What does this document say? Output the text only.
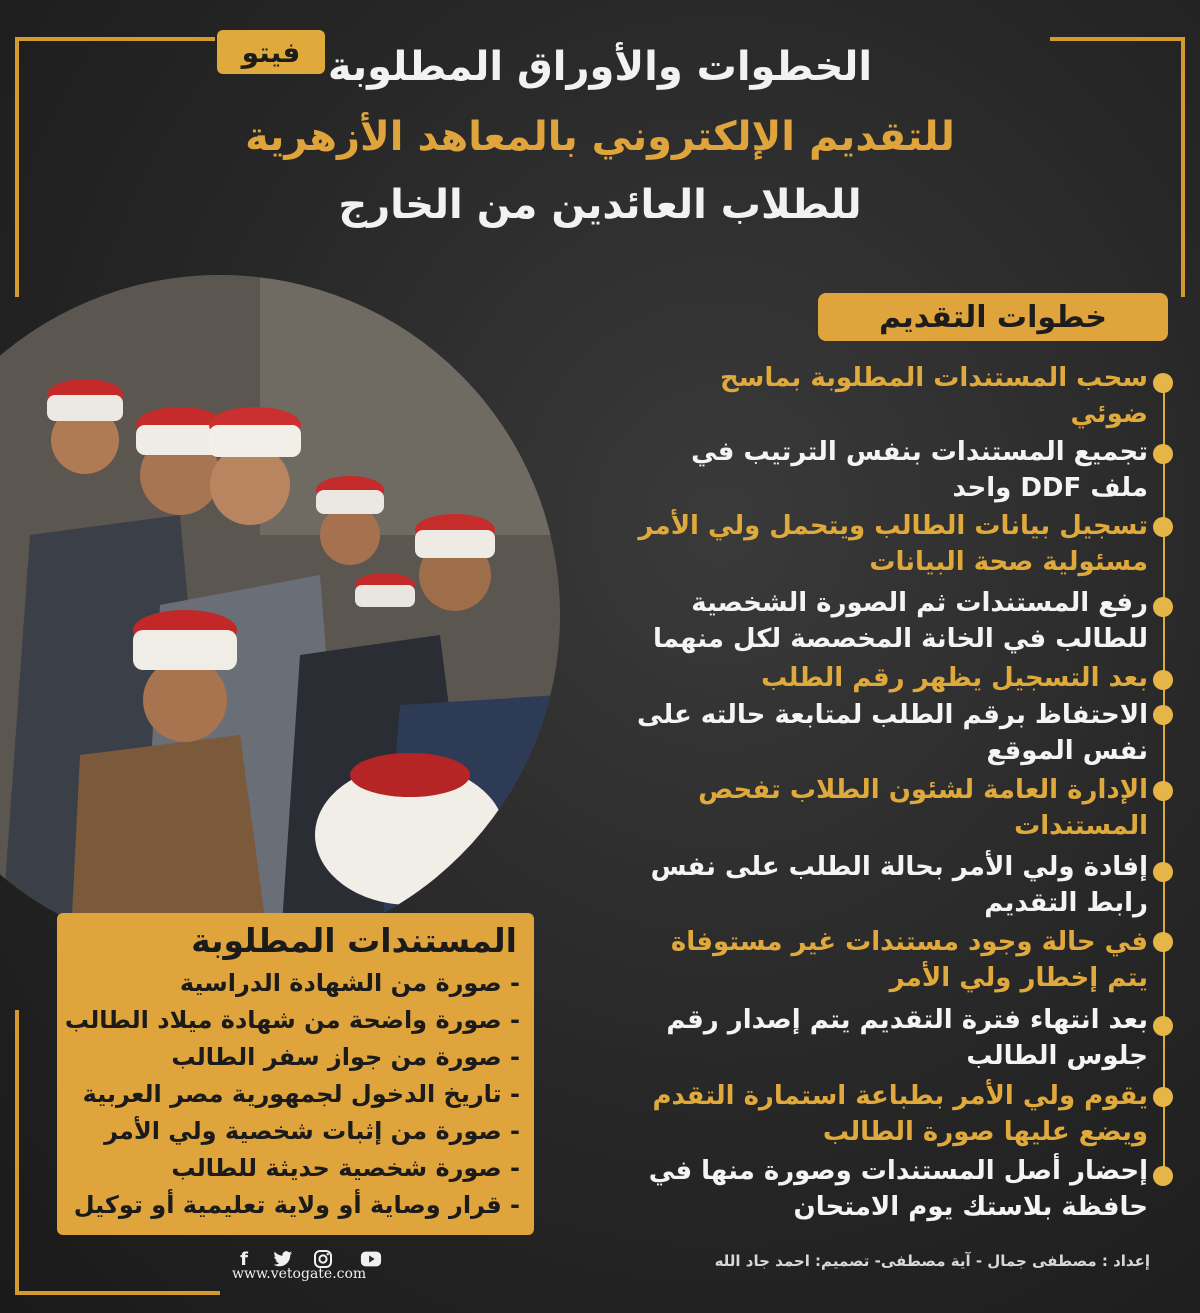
فيتو الخطوات والأوراق المطلوبة
للتقديم الإلكتروني بالمعاهد الأزهرية
للطلاب العائدين من الخارج
خطوات التقديم
سحب المستندات المطلوبة بماسح
ضوئي
تجميع المستندات بنفس الترتيب في
ملف DDF واحد
تسجيل بيانات الطالب ويتحمل ولي الأمر
مسئولية صحة البيانات
رفع المستندات ثم الصورة الشخصية
للطالب في الخانة المخصصة لكل منهما
بعد التسجيل يظهر رقم الطلب
الاحتفاظ برقم الطلب لمتابعة حالته على
نفس الموقع
الإدارة العامة لشئون الطلاب تفحص
المستندات
إفادة ولي الأمر بحالة الطلب على نفس
رابط التقديم
في حالة وجود مستندات غير مستوفاة
يتم إخطار ولي الأمر
بعد انتهاء فترة التقديم يتم إصدار رقم
جلوس الطالب
يقوم ولي الأمر بطباعة استمارة التقدم
ويضع عليها صورة الطالب
إحضار أصل المستندات وصورة منها في
حافظة بلاستك يوم الامتحان
المستندات المطلوبة
- صورة من الشهادة الدراسية
- صورة واضحة من شهادة ميلاد الطالب
- صورة من جواز سفر الطالب
- تاريخ الدخول لجمهورية مصر العربية
- صورة من إثبات شخصية ولي الأمر
- صورة شخصية حديثة للطالب
- قرار وصاية أو ولاية تعليمية أو توكيل
f
www.vetogate.com
إعداد : مصطفى جمال - آية مصطفى- تصميم: احمد جاد الله
